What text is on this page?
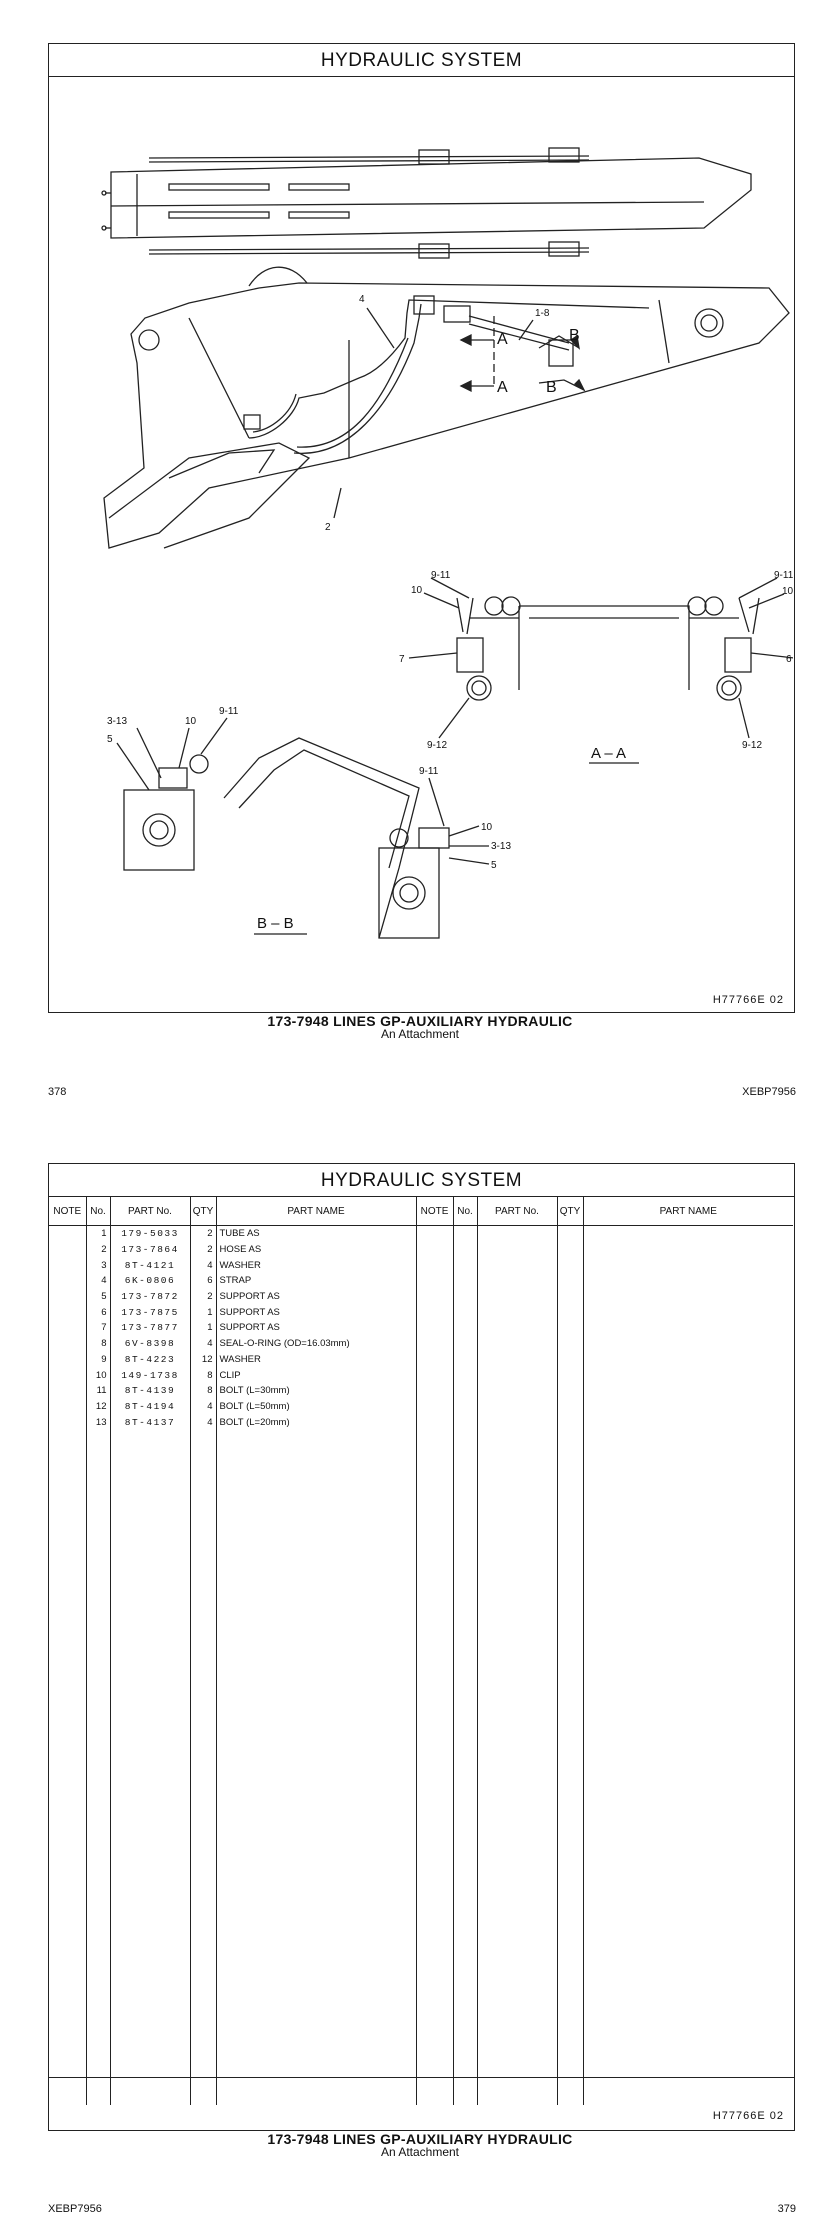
HYDRAULIC SYSTEM
4
1-8
A
A
B
B
2
9-11
10
7
9-12
9-11
10
6
9-12
A – A
3-13	10
9-11
5
9-11
10
3-13
5
B – B
H77766E 02
173-7948 LINES GP-AUXILIARY HYDRAULIC
An Attachment
378	XEBP7956
HYDRAULIC SYSTEM
NOTE	No.	PART No.	QTY	PART NAME	NOTE	No.	PART No.	QTY	PART NAME
	1	179-5033	2	TUBE AS					
	2	173-7864	2	HOSE AS					
	3	8T-4121	4	WASHER					
	4	6K-0806	6	STRAP					
	5	173-7872	2	SUPPORT AS					
	6	173-7875	1	SUPPORT AS					
	7	173-7877	1	SUPPORT AS					
	8	6V-8398	4	SEAL-O-RING (OD=16.03mm)					
	9	8T-4223	12	WASHER					
	10	149-1738	8	CLIP					
	11	8T-4139	8	BOLT (L=30mm)					
	12	8T-4194	4	BOLT (L=50mm)					
	13	8T-4137	4	BOLT (L=20mm)					

H77766E 02
173-7948 LINES GP-AUXILIARY HYDRAULIC
An Attachment
XEBP7956	379
